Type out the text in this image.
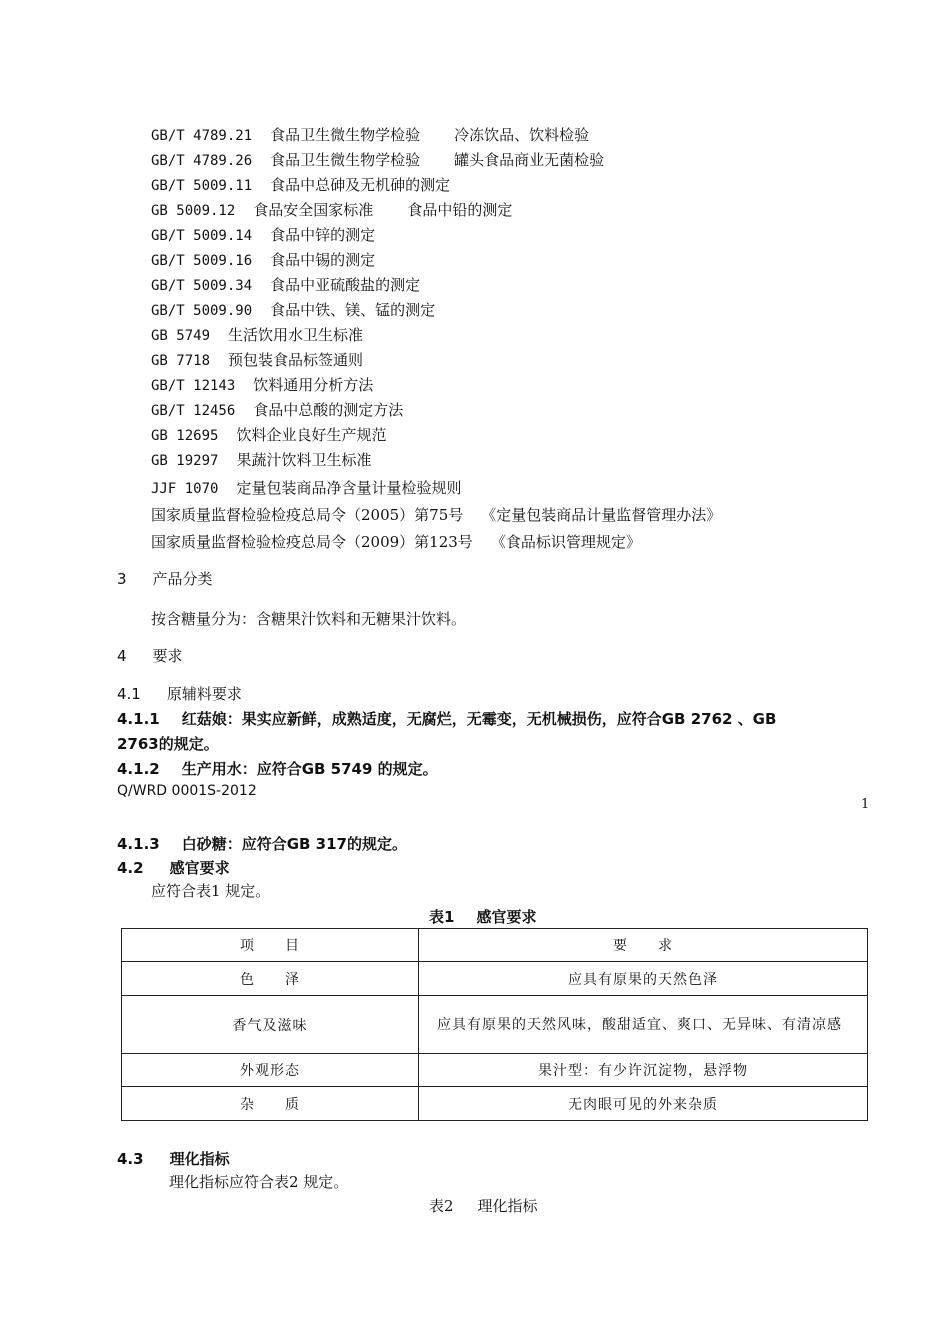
GB/T 4789.21 食品卫生微生物学检验 冷冻饮品、饮料检验
GB/T 4789.26 食品卫生微生物学检验 罐头食品商业无菌检验
GB/T 5009.11 食品中总砷及无机砷的测定
GB 5009.12 食品安全国家标准 食品中铅的测定
GB/T 5009.14 食品中锌的测定
GB/T 5009.16 食品中锡的测定
GB/T 5009.34 食品中亚硫酸盐的测定
GB/T 5009.90 食品中铁、镁、锰的测定
GB 5749 生活饮用水卫生标准
GB 7718 预包装食品标签通则
GB/T 12143 饮料通用分析方法
GB/T 12456 食品中总酸的测定方法
GB 12695 饮料企业良好生产规范
GB 19297 果蔬汁饮料卫生标准
JJF 1070 定量包装商品净含量计量检验规则
国家质量监督检验检疫总局令（2005）第75号 《定量包装商品计量监督管理办法》
国家质量监督检验检疫总局令（2009）第123号 《食品标识管理规定》
3 产品分类
按含糖量分为：含糖果汁饮料和无糖果汁饮料。
4 要求
4.1 原辅料要求
4.1.1 红菇娘：果实应新鲜，成熟适度，无腐烂，无霉变，无机械损伤，应符合GB 2762 、GB
2763的规定。
4.1.2 生产用水：应符合GB 5749 的规定。
Q/WRD 0001S-2012
1
4.1.3 白砂糖：应符合GB 317的规定。
4.2 感官要求
应符合表1 规定。
表1 感官要求
项　　目	要　　求
色　　泽	应具有原果的天然色泽
香气及滋味	应具有原果的天然风味，酸甜适宜、爽口、无异味、有清凉感
外观形态	果汁型：有少许沉淀物，悬浮物
杂　　质	无肉眼可见的外来杂质
4.3 理化指标
理化指标应符合表2 规定。
表2 理化指标
